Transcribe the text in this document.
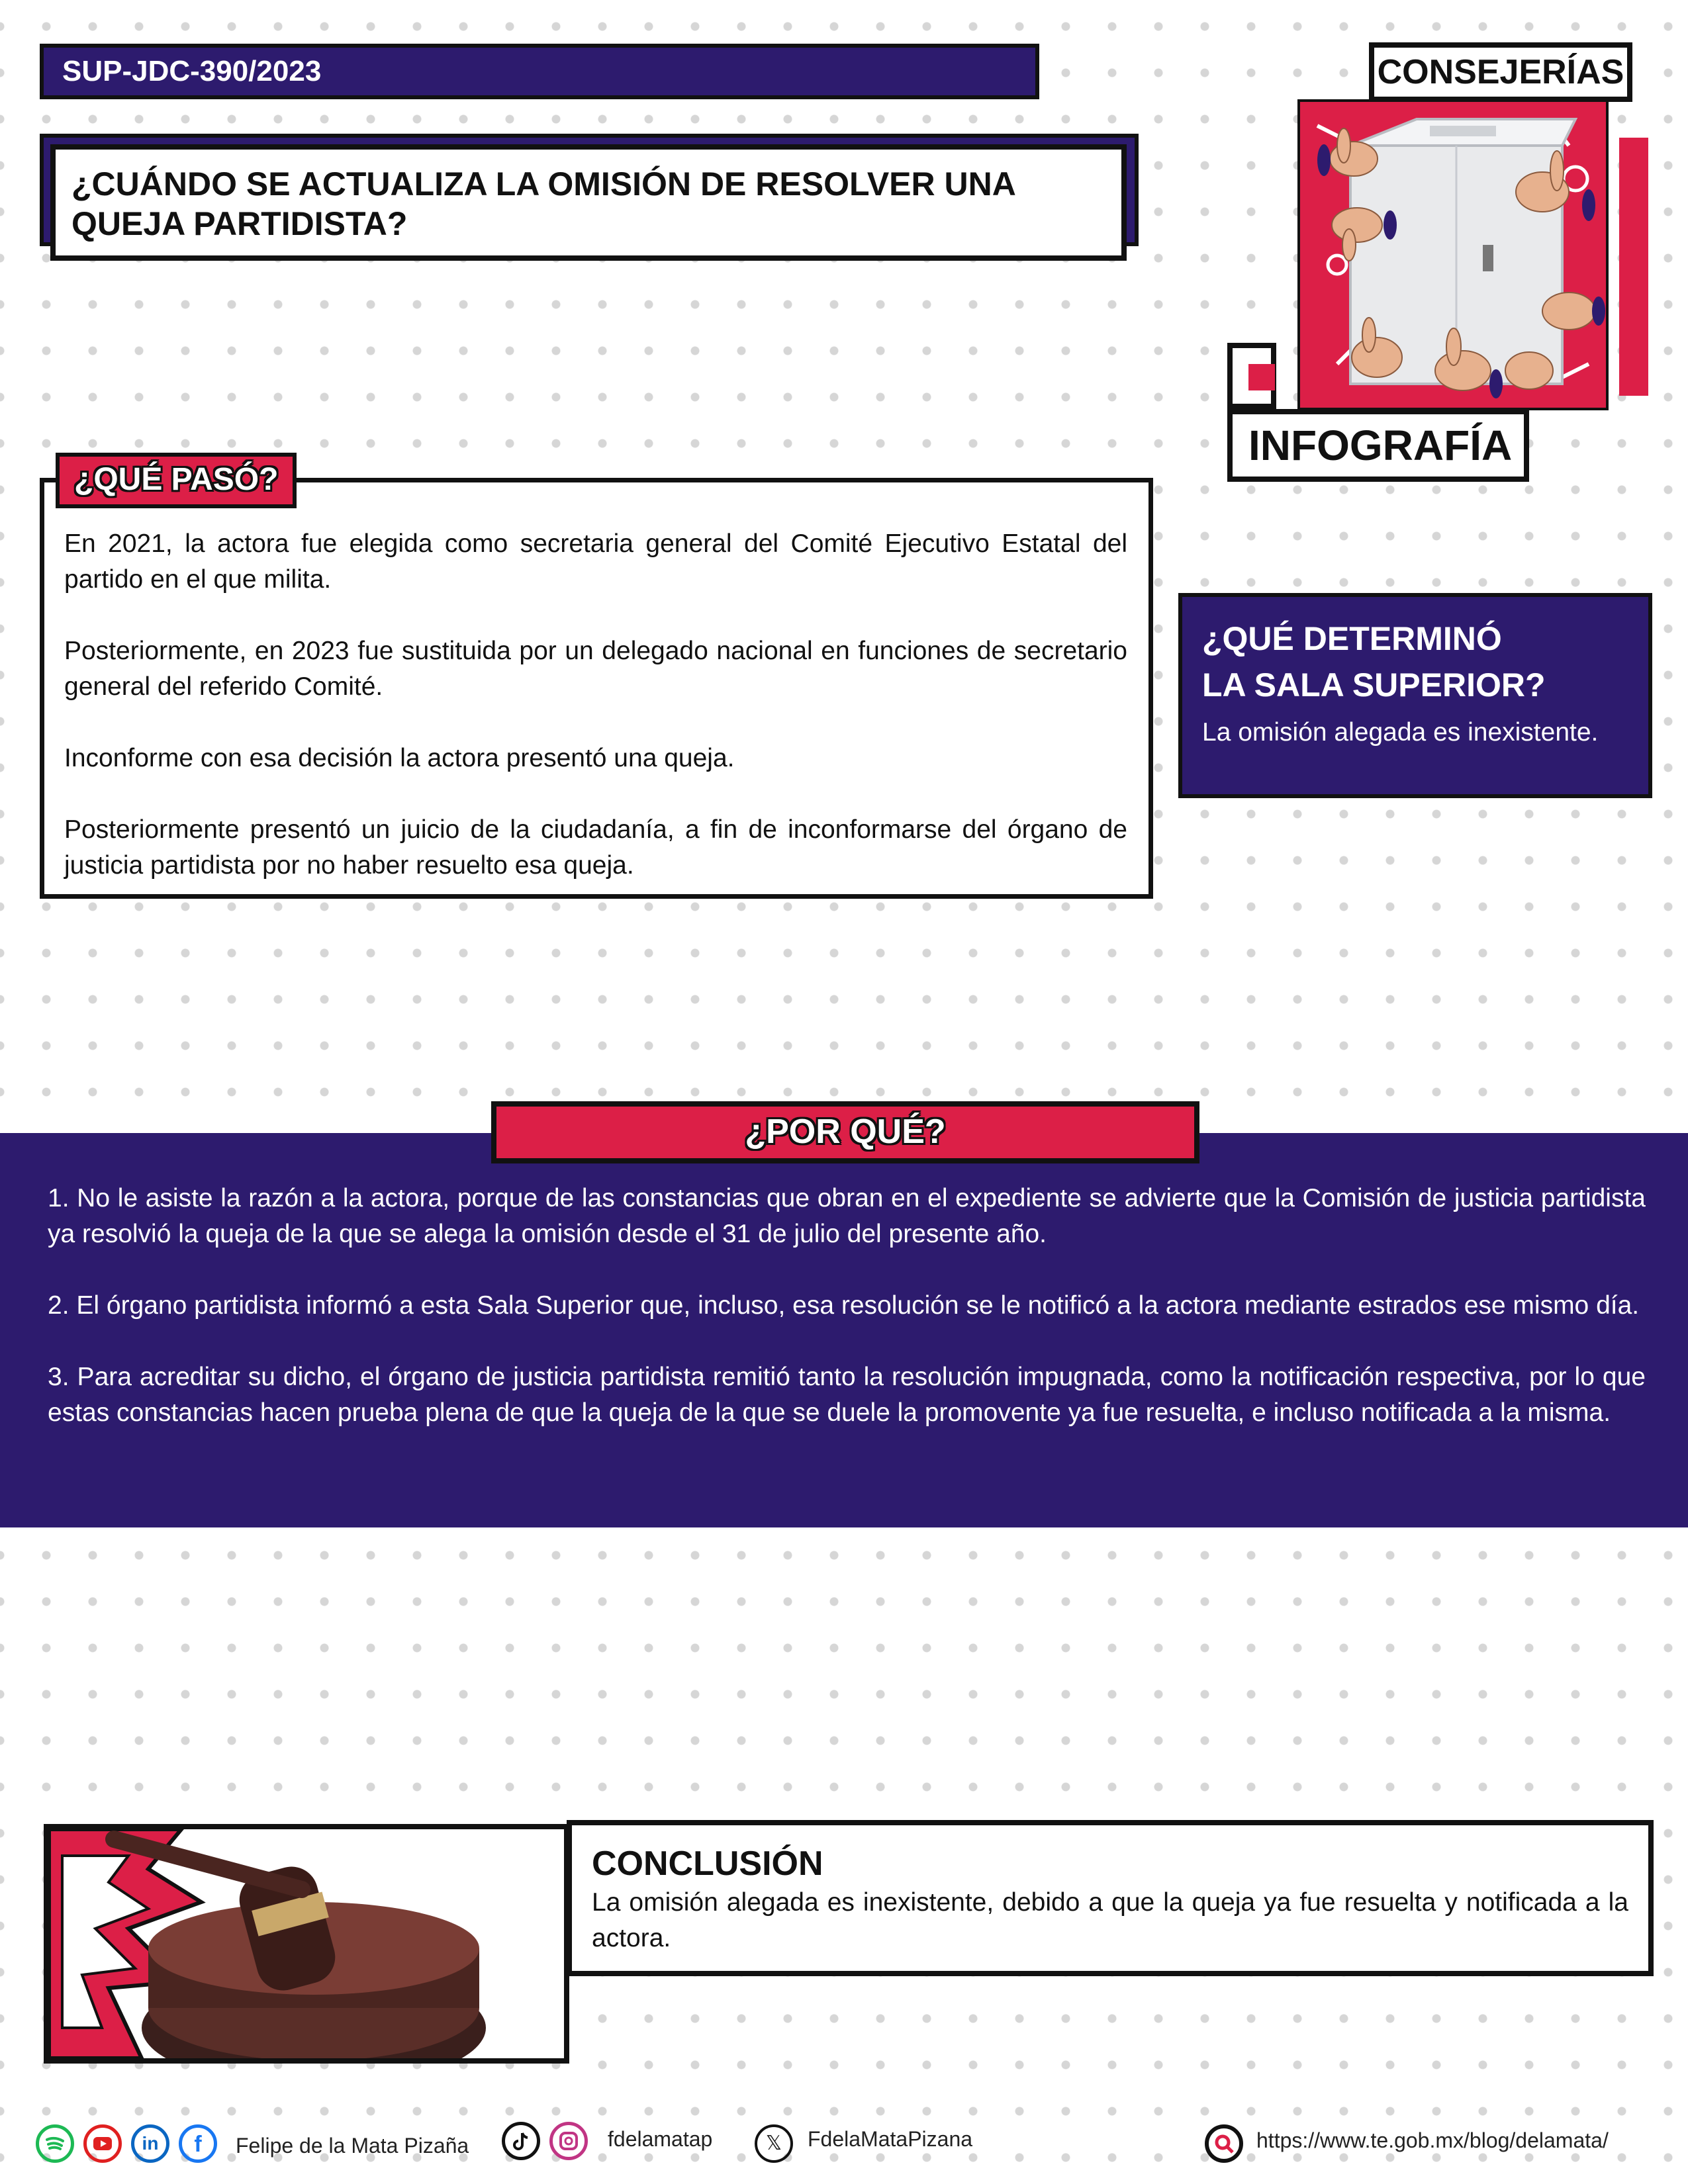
SUP-JDC-390/2023
¿CUÁNDO SE ACTUALIZA LA OMISIÓN DE RESOLVER UNA QUEJA PARTIDISTA?
CONSEJERÍAS
INFOGRAFÍA

En 2021, la actora fue elegida como secretaria general del Comité Ejecutivo Estatal del partido en el que milita.

Posteriormente, en 2023 fue sustituida por un delegado nacional en funciones de secretario general del referido Comité.

Inconforme con esa decisión la actora presentó una queja.

Posteriormente presentó un juicio de la ciudadanía, a fin de inconformarse del órgano de justicia partidista por no haber resuelto esa queja.

¿QUÉ PASÓ?
¿QUÉ DETERMINÓ
LA SALA SUPERIOR?
La omisión alegada es inexistente.

1. No le asiste la razón a la actora, porque de las constancias que obran en el expediente se advierte que la Comisión de justicia partidista ya resolvió la queja de la que se alega la omisión desde el 31 de julio del presente año.

2. El órgano partidista informó a esta Sala Superior que, incluso, esa resolución se le notificó a la actora mediante estrados ese mismo día.

3. Para acreditar su dicho, el órgano de justicia partidista remitió tanto la resolución impugnada, como la notificación respectiva, por lo que estas constancias hacen prueba plena de que la queja de la que se duele la promovente ya fue resuelta, e incluso notificada a la misma.

¿POR QUÉ?
CONCLUSIÓN
La omisión alegada es inexistente, debido a que la queja ya fue resuelta y notificada a la actora.
in	f	Felipe de la Mata Pizaña	fdelamatap	𝕏	FdelaMataPizana	https://www.te.gob.mx/blog/delamata/
